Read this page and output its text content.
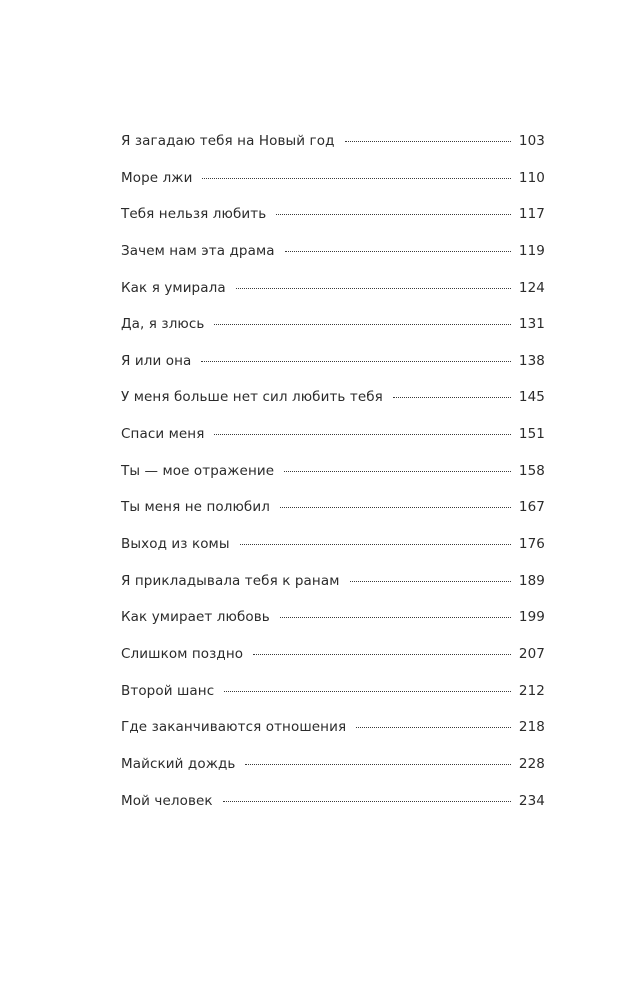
Я загадаю тебя на Новый год	103
Море лжи	110
Тебя нельзя любить	117
Зачем нам эта драма	119
Как я умирала	124
Да, я злюсь	131
Я или она	138
У меня больше нет сил любить тебя	145
Спаси меня	151
Ты — мое отражение	158
Ты меня не полюбил	167
Выход из комы	176
Я прикладывала тебя к ранам	189
Как умирает любовь	199
Слишком поздно	207
Второй шанс	212
Где заканчиваются отношения	218
Майский дождь	228
Мой человек	234
